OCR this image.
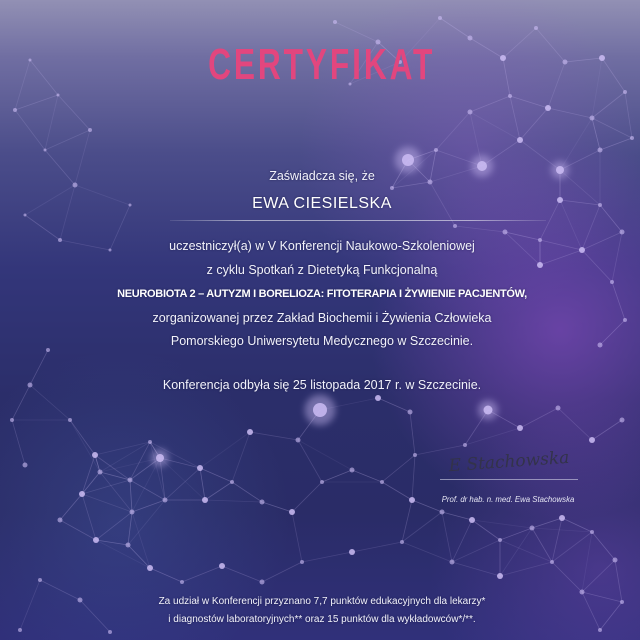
CERTYFIKAT
Zaświadcza się, że
EWA CIESIELSKA
uczestniczył(a) w V Konferencji Naukowo-Szkoleniowej
z cyklu Spotkań z Dietetyką Funkcjonalną
NEUROBIOTA 2 – AUTYZM I BORELIOZA: FITOTERAPIA I ŻYWIENIE PACJENTÓW,
zorganizowanej przez Zakład Biochemii i Żywienia Człowieka
Pomorskiego Uniwersytetu Medycznego w Szczecinie.
Konferencja odbyła się 25 listopada 2017 r. w Szczecinie.
E Stachowska
Prof. dr hab. n. med. Ewa Stachowska
Za udział w Konferencji przyznano 7,7 punktów edukacyjnych dla lekarzy*
i diagnostów laboratoryjnych** oraz 15 punktów dla wykładowców*/**.
